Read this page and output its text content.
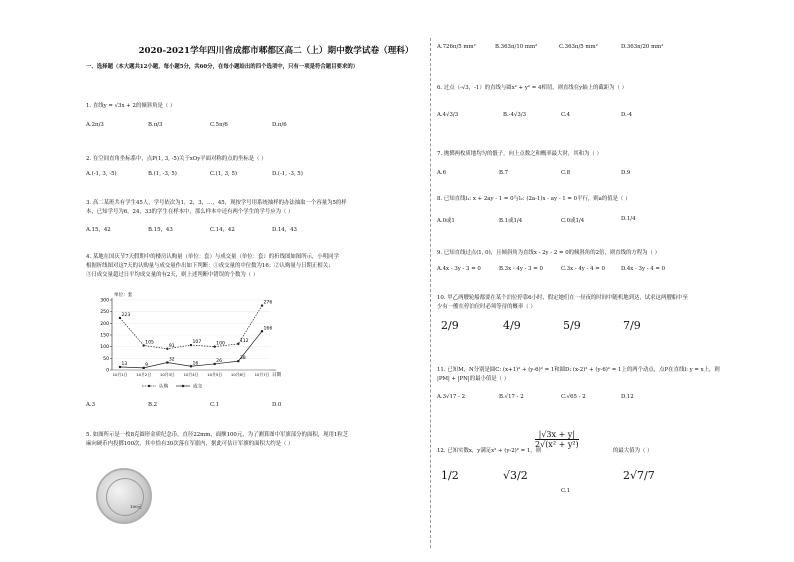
2020-2021学年四川省成都市郫都区高二（上）期中数学试卷（理科）
一、选择题（本大题共12小题，每小题5分，共60分，在每小题给出的四个选项中，只有一项是符合题目要求的）
1. 直线y = √3x + 2的倾斜角是（ ）
A.2π/3	B.π/3	C.5π/6	D.π/6
2. 在空间直角坐标系中，点P(1, 3, -5)关于xOy平面对称的点的坐标是（ ）
A.(-1, 3, -5)	B.(1, -3, 5)	C.(1, 3, 5)	D.(-1, -3, 5)
3. 高二某班共有学生45人，学号依次为1，2，3，…，45，现按学号用系统抽样的办法抽取一个容量为5的样
本，已知学号为6，24，33的学生在样本中，那么样本中还有两个学生的学号应为（ ）
A.15，42	B.15，43	C.14，42	D.14，43
4. 某地在国庆节7天假期中的楼房认购量（单位：套）与成交量（单位：套）的折线图如图所示，小明同学
根据折线图对这7天的认购量与成交量作出如下判断：①成交量的中位数为16；②认购量与日期正相关；
③日成交量超过日平均成交量的有2天，则上述判断中错误的个数为（ ）
单位：套
0
50
100
150
200
250
300
10月1日 10月2日 10月3日 10月4日 10月5日 10月6日 10月7日 日期
223
105
91
107	100
112
276
13	9
32
16	26
38
166
认购	成交
A.3	B.2	C.1	D.0
5. 如图所示是一枚8克圆形金质纪念币，直径22mm，面额100元，为了测算图中军旗部分的面积，现用1粒芝
麻向硬币内投掷100次，其中恰有30次落在军旗内，据此可估计军旗的面积大约是（ ）
100元
A.726π/5 mm²	B.363π/10 mm²	C.363π/5 mm²	D.363π/20 mm²
6. 过点（-√3，-1）的直线与圆x² + y² = 4相切，则直线在y轴上的截距为（ ）
A.4√3/3	B.-4√3/3	C.4	D.-4
7. 抛掷两枚质地均匀的骰子，向上点数之和概率最大时，其和为（ ）
A.6	B.7	C.8	D.9
8. 已知直线l₁: x + 2ay - 1 = 0与l₂: (2a-1)x - ay - 1 = 0平行，则a的值是（ ）
A.0或1	B.1或1/4	C.0或1/4	D.1/4
9. 已知直线过点(1, 0)，且倾斜角为直线x - 2y - 2 = 0的倾斜角的2倍，则直线的方程为（ ）
A.4x - 3y - 3 = 0	B.3x - 4y - 3 = 0	C.3x - 4y - 4 = 0	D.4x - 3y - 4 = 0
10. 甲乙两艘轮船都要在某个泊位停靠6小时，假定她们在一昼夜的时间中随机地到达，试求这两艘船中至
少有一艘在停泊位时必须等待的概率（ ）
2/9	4/9	5/9	7/9
11. 已知M，N分别是圆C: (x+1)² + (y-6)² = 1和圆D: (x-2)² + (y-6)² = 1上的两个动点，点P在直线l: y = x上，则
|PM| + |PN|的最小值是（ ）
A.3√17 - 2	B.√17 - 2	C.√65 - 2	D.12
12. 已知实数x，y满足x² + (y-2)² = 1，则
$\frac{|√3x + y|}{\text{2√(x² + y²)}}$
的最大值为（ ）
1/2	√3/2
C.1
2√7/7
